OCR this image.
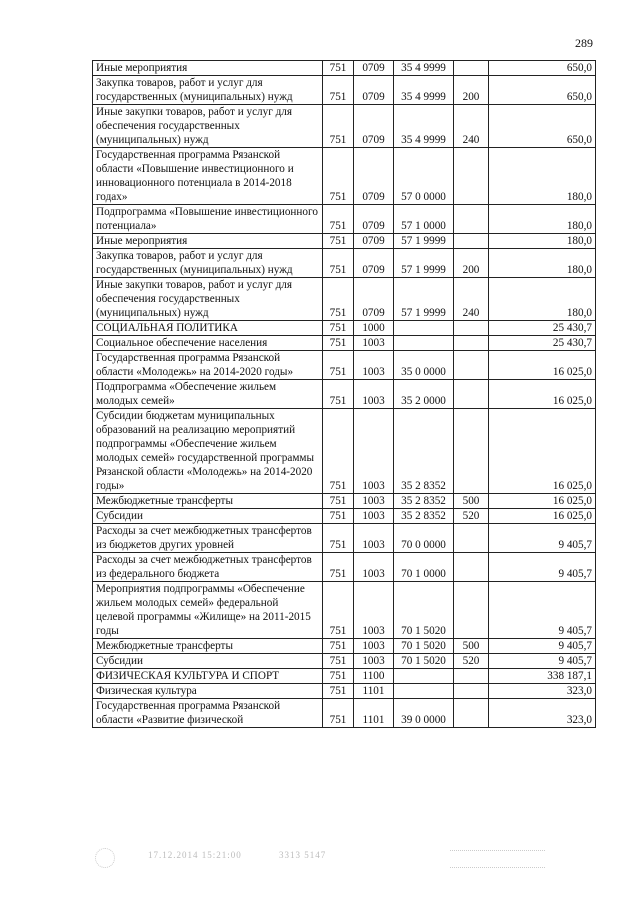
289
Иные мероприятия	751	0709	35 4 9999		650,0
Закупка товаров, работ и услуг для государственных (муниципальных) нужд	751	0709	35 4 9999	200	650,0
Иные закупки товаров, работ и услуг для обеспечения государственных (муниципальных) нужд	751	0709	35 4 9999	240	650,0
Государственная программа Рязанской области «Повышение инвестиционного и инновационного потенциала в 2014-2018 годах»	751	0709	57 0 0000		180,0
Подпрограмма «Повышение инвестиционного потенциала»	751	0709	57 1 0000		180,0
Иные мероприятия	751	0709	57 1 9999		180,0
Закупка товаров, работ и услуг для государственных (муниципальных) нужд	751	0709	57 1 9999	200	180,0
Иные закупки товаров, работ и услуг для обеспечения государственных (муниципальных) нужд	751	0709	57 1 9999	240	180,0
СОЦИАЛЬНАЯ ПОЛИТИКА	751	1000			25 430,7
Социальное обеспечение населения	751	1003			25 430,7
Государственная программа Рязанской области «Молодежь» на 2014-2020 годы»	751	1003	35 0 0000		16 025,0
Подпрограмма «Обеспечение жильем молодых семей»	751	1003	35 2 0000		16 025,0
Субсидии бюджетам муниципальных образований на реализацию мероприятий подпрограммы «Обеспечение жильем молодых семей» государственной программы Рязанской области «Молодежь» на 2014-2020 годы»	751	1003	35 2 8352		16 025,0
Межбюджетные трансферты	751	1003	35 2 8352	500	16 025,0
Субсидии	751	1003	35 2 8352	520	16 025,0
Расходы за счет межбюджетных трансфертов из бюджетов других уровней	751	1003	70 0 0000		9 405,7
Расходы за счет межбюджетных трансфертов из федерального бюджета	751	1003	70 1 0000		9 405,7
Мероприятия подпрограммы «Обеспечение жильем молодых семей» федеральной целевой программы «Жилище» на 2011-2015 годы	751	1003	70 1 5020		9 405,7
Межбюджетные трансферты	751	1003	70 1 5020	500	9 405,7
Субсидии	751	1003	70 1 5020	520	9 405,7
ФИЗИЧЕСКАЯ КУЛЬТУРА И СПОРТ	751	1100			338 187,1
Физическая культура	751	1101			323,0
Государственная программа Рязанской области «Развитие физической	751	1101	39 0 0000		323,0
17.12.2014 15:21:00	3313 5147
